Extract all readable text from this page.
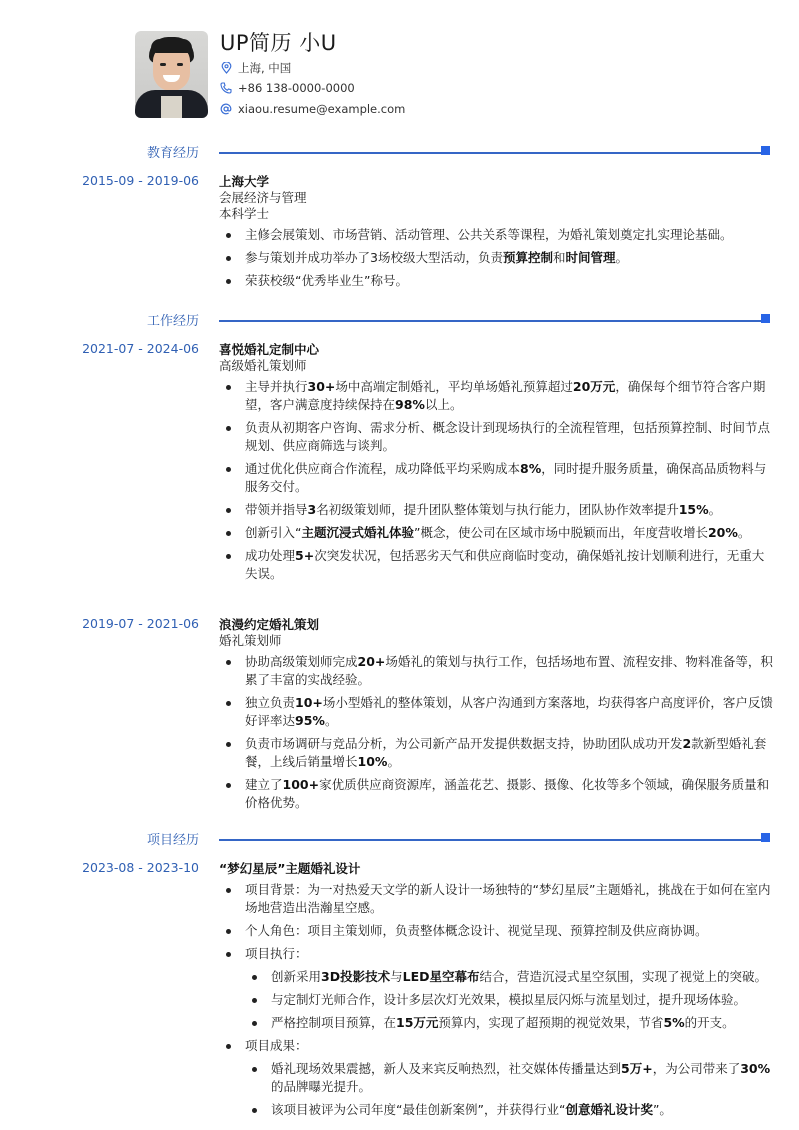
UP简历 小U
上海, 中国
+86 138-0000-0000
xiaou.resume@example.com
教育经历
2015-09 - 2019-06 上海大学
会展经济与管理
本科学士
主修会展策划、市场营销、活动管理、公共关系等课程，为婚礼策划奠定扎实理论基础。
参与策划并成功举办了3场校级大型活动，负责预算控制和时间管理。
荣获校级“优秀毕业生”称号。
工作经历
2021-07 - 2024-06 喜悦婚礼定制中心
高级婚礼策划师
主导并执行30+场中高端定制婚礼，平均单场婚礼预算超过20万元，确保每个细节符合客户期望，客户满意度持续保持在98%以上。
负责从初期客户咨询、需求分析、概念设计到现场执行的全流程管理，包括预算控制、时间节点规划、供应商筛选与谈判。
通过优化供应商合作流程，成功降低平均采购成本8%，同时提升服务质量，确保高品质物料与服务交付。
带领并指导3名初级策划师，提升团队整体策划与执行能力，团队协作效率提升15%。
创新引入“主题沉浸式婚礼体验”概念，使公司在区域市场中脱颖而出，年度营收增长20%。
成功处理5+次突发状况，包括恶劣天气和供应商临时变动，确保婚礼按计划顺利进行，无重大失误。
2019-07 - 2021-06 浪漫约定婚礼策划
婚礼策划师
协助高级策划师完成20+场婚礼的策划与执行工作，包括场地布置、流程安排、物料准备等，积累了丰富的实战经验。
独立负责10+场小型婚礼的整体策划，从客户沟通到方案落地，均获得客户高度评价，客户反馈好评率达95%。
负责市场调研与竞品分析，为公司新产品开发提供数据支持，协助团队成功开发2款新型婚礼套餐，上线后销量增长10%。
建立了100+家优质供应商资源库，涵盖花艺、摄影、摄像、化妆等多个领域，确保服务质量和价格优势。
项目经历
2023-08 - 2023-10 “梦幻星辰”主题婚礼设计
项目背景：为一对热爱天文学的新人设计一场独特的“梦幻星辰”主题婚礼，挑战在于如何在室内场地营造出浩瀚星空感。
个人角色：项目主策划师，负责整体概念设计、视觉呈现、预算控制及供应商协调。
项目执行：
创新采用3D投影技术与LED星空幕布结合，营造沉浸式星空氛围，实现了视觉上的突破。
与定制灯光师合作，设计多层次灯光效果，模拟星辰闪烁与流星划过，提升现场体验。
严格控制项目预算，在15万元预算内，实现了超预期的视觉效果，节省5%的开支。
项目成果：
婚礼现场效果震撼，新人及来宾反响热烈，社交媒体传播量达到5万+，为公司带来了30%的品牌曝光提升。
该项目被评为公司年度“最佳创新案例”，并获得行业“创意婚礼设计奖”。
